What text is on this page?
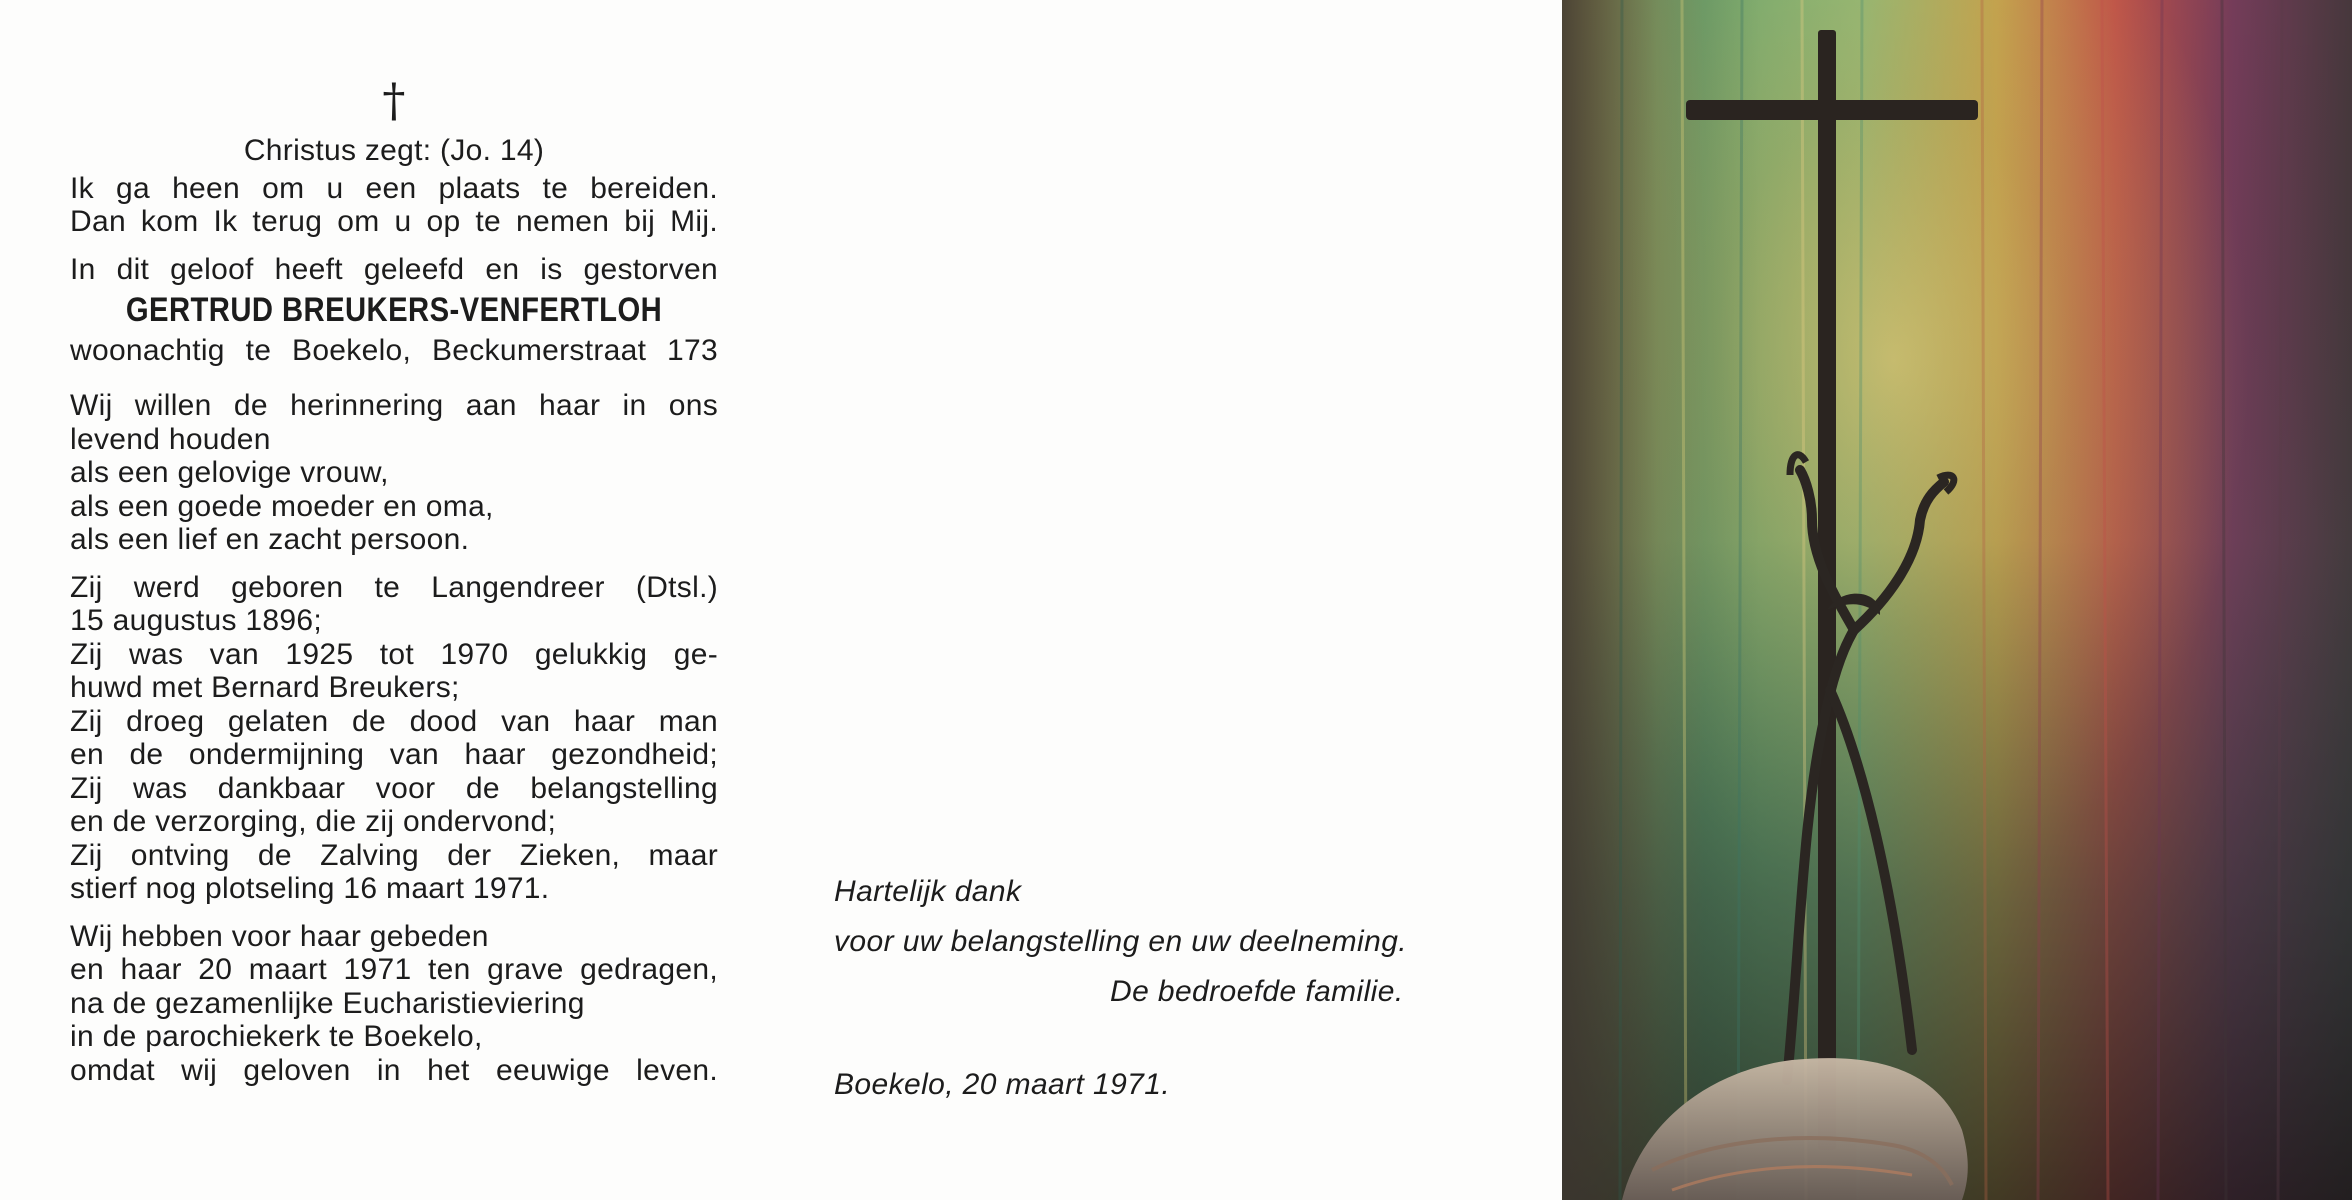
†
Christus zegt: (Jo. 14)
Ik ga heen om u een plaats te bereiden.
Dan kom Ik terug om u op te nemen bij Mij.
In dit geloof heeft geleefd en is gestorven
GERTRUD BREUKERS-VENFERTLOH
woonachtig te Boekelo, Beckumerstraat 173
Wij willen de herinnering aan haar in ons
levend houden
als een gelovige vrouw,
als een goede moeder en oma,
als een lief en zacht persoon.
Zij werd geboren te Langendreer (Dtsl.)
15 augustus 1896;
Zij was van 1925 tot 1970 gelukkig ge-
huwd met Bernard Breukers;
Zij droeg gelaten de dood van haar man
en de ondermijning van haar gezondheid;
Zij was dankbaar voor de belangstelling
en de verzorging, die zij ondervond;
Zij ontving de Zalving der Zieken, maar
stierf nog plotseling 16 maart 1971.
Wij hebben voor haar gebeden
en haar 20 maart 1971 ten grave gedragen,
na de gezamenlijke Eucharistieviering
in de parochiekerk te Boekelo,
omdat wij geloven in het eeuwige leven.
Hartelijk dank
voor uw belangstelling en uw deelneming.
De bedroefde familie.
Boekelo, 20 maart 1971.
